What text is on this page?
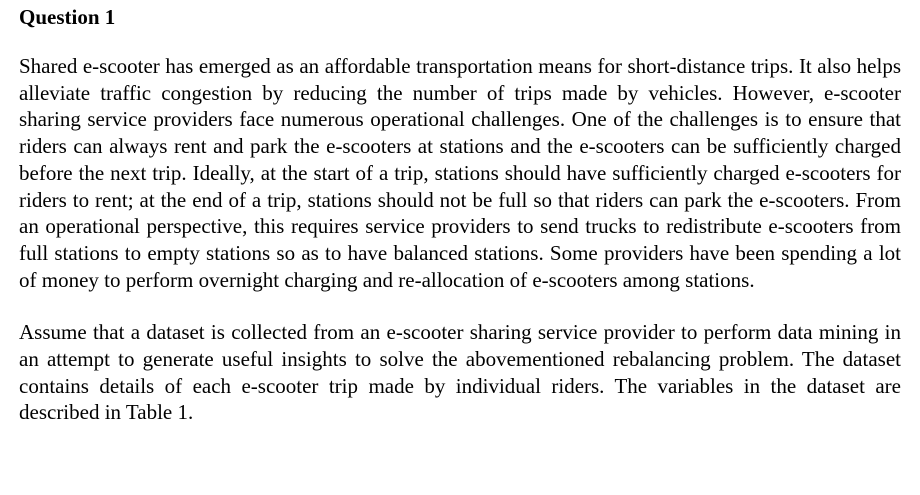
Question 1

Shared e-scooter has emerged as an affordable transportation means for short-distance trips. It also helps alleviate traffic congestion by reducing the number of trips made by vehicles. However, e-scooter sharing service providers face numerous operational challenges. One of the challenges is to ensure that riders can always rent and park the e-scooters at stations and the e-scooters can be sufficiently charged before the next trip. Ideally, at the start of a trip, stations should have sufficiently charged e-scooters for riders to rent; at the end of a trip, stations should not be full so that riders can park the e-scooters. From an operational perspective, this requires service providers to send trucks to redistribute e-scooters from full stations to empty stations so as to have balanced stations. Some providers have been spending a lot of money to perform overnight charging and re-allocation of e-scooters among stations.

Assume that a dataset is collected from an e-scooter sharing service provider to perform data mining in an attempt to generate useful insights to solve the abovementioned rebalancing problem. The dataset contains details of each e-scooter trip made by individual riders. The variables in the dataset are described in Table 1.
